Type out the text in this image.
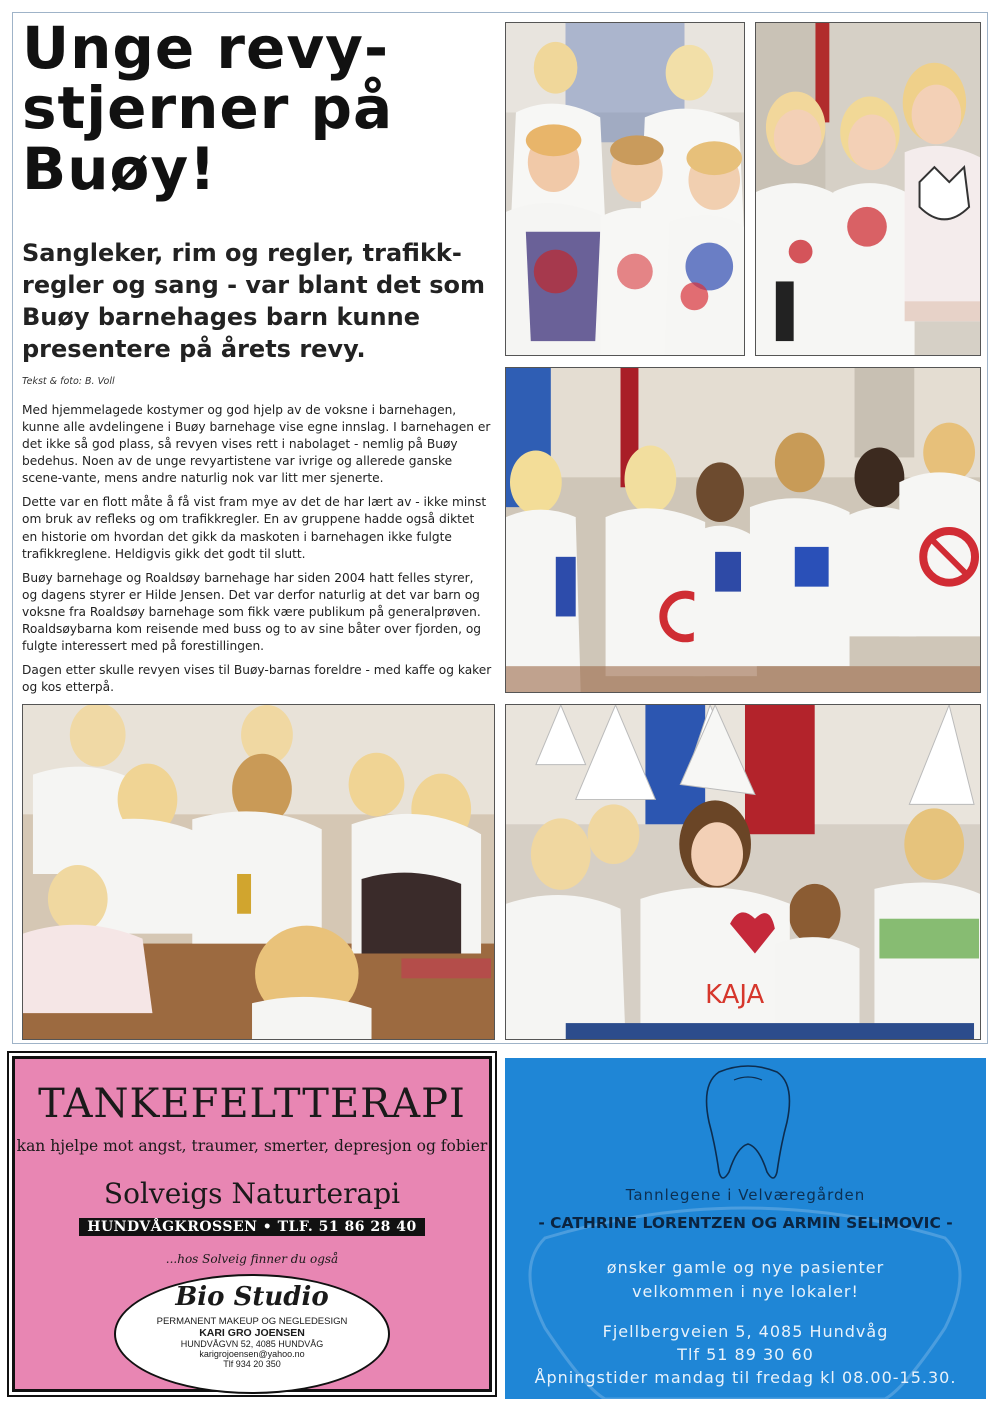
Unge revy-stjerner på Buøy!
Sangleker, rim og regler, trafikk-regler og sang - var blant det som Buøy barnehages barn kunne presentere på årets revy.
Tekst & foto: B. Voll

Med hjemmelagede kostymer og god hjelp av de voksne i barnehagen, kunne alle avdelingene i Buøy barnehage vise egne innslag. I barnehagen er det ikke så god plass, så revyen vises rett i nabolaget - nemlig på Buøy bedehus. Noen av de unge revyartistene var ivrige og allerede ganske scene-vante, mens andre naturlig nok var litt mer sjenerte.

Dette var en flott måte å få vist fram mye av det de har lært av - ikke minst om bruk av refleks og om trafikkregler. En av gruppene hadde også diktet en historie om hvordan det gikk da maskoten i barnehagen ikke fulgte trafikkreglene. Heldigvis gikk det godt til slutt.

Buøy barnehage og Roaldsøy barnehage har siden 2004 hatt felles styrer, og dagens styrer er Hilde Jensen. Det var derfor naturlig at det var barn og voksne fra Roaldsøy barnehage som fikk være publikum på generalprøven. Roaldsøybarna kom reisende med buss og to av sine båter over fjorden, og fulgte interessert med på forestillingen.

Dagen etter skulle revyen vises til Buøy-barnas foreldre - med kaffe og kaker og kos etterpå.

KAJA
TANKEFELTTERAPI
kan hjelpe mot angst, traumer, smerter, depresjon og fobier
Solveigs Naturterapi
HUNDVÅGKROSSEN • TLF. 51 86 28 40
...hos Solveig finner du også
Bio Studio
PERMANENT MAKEUP OG NEGLEDESIGN
KARI GRO JOENSEN
HUNDVÅGVN 52, 4085 HUNDVÅG
karigrojoensen@yahoo.no
Tlf 934 20 350
Tannlegene i Velværegården
- CATHRINE LORENTZEN OG ARMIN SELIMOVIC -
ønsker gamle og nye pasienter
velkommen i nye lokaler!
Fjellbergveien 5, 4085 Hundvåg
Tlf 51 89 30 60
Åpningstider mandag til fredag kl 08.00-15.30.
